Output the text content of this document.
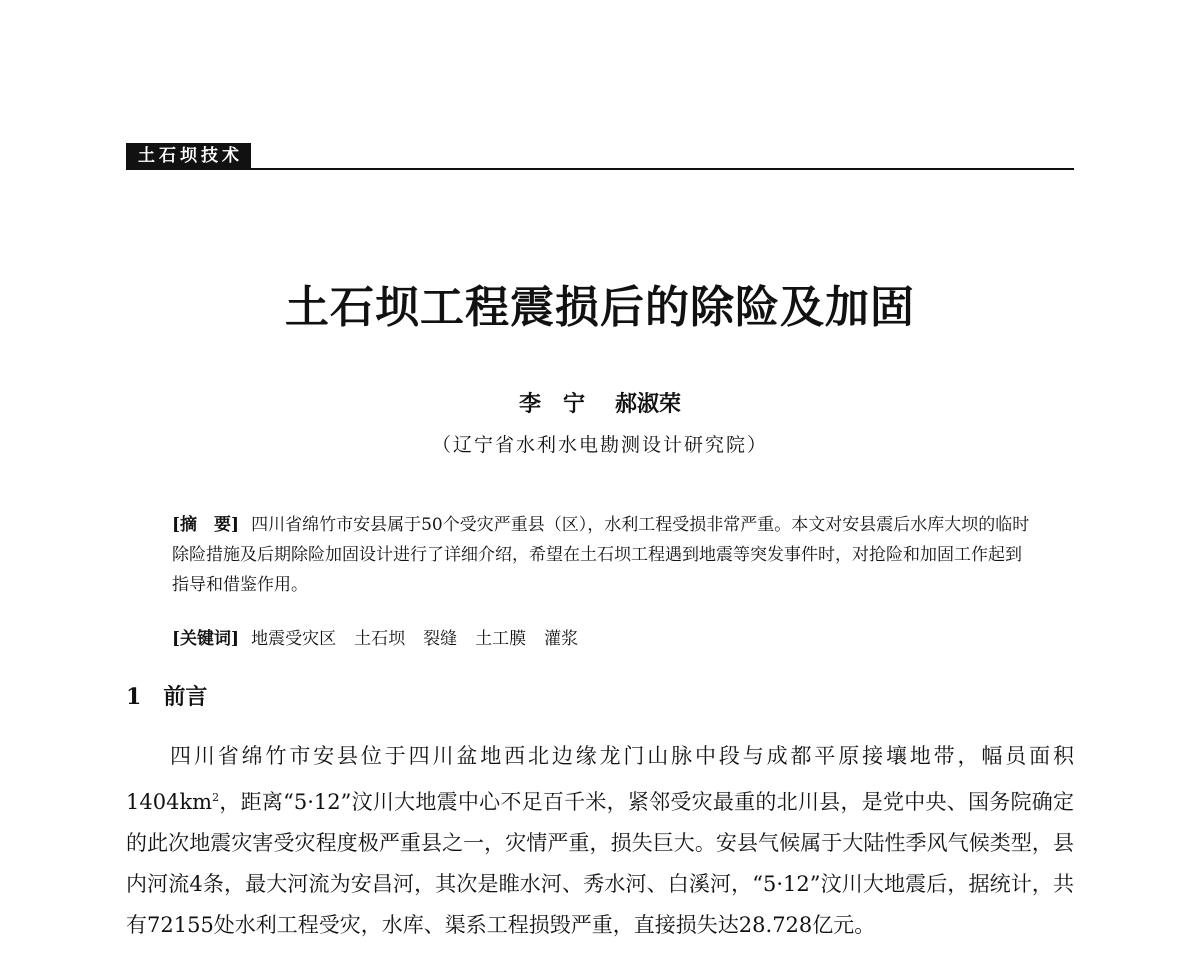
土石坝技术
土石坝工程震损后的除险及加固
李　宁 郝淑荣
（辽宁省水利水电勘测设计研究院）
[摘　要] 四川省绵竹市安县属于50个受灾严重县（区），水利工程受损非常严重。本文对安县震后水库大坝的临时除险措施及后期除险加固设计进行了详细介绍，希望在土石坝工程遇到地震等突发事件时，对抢险和加固工作起到指导和借鉴作用。
[关键词] 地震受灾区 土石坝 裂缝 土工膜 灌浆
1 前言
四川省绵竹市安县位于四川盆地西北边缘龙门山脉中段与成都平原接壤地带，幅员面积$1404km^2$，距离“5·12”汶川大地震中心不足百千米，紧邻受灾最重的北川县，是党中央、国务院确定的此次地震灾害受灾程度极严重县之一，灾情严重，损失巨大。安县气候属于大陆性季风气候类型，县内河流4条，最大河流为安昌河，其次是睢水河、秀水河、白溪河，“5·12”汶川大地震后，据统计，共有72155处水利工程受灾，水库、渠系工程损毁严重，直接损失达28.728亿元。
